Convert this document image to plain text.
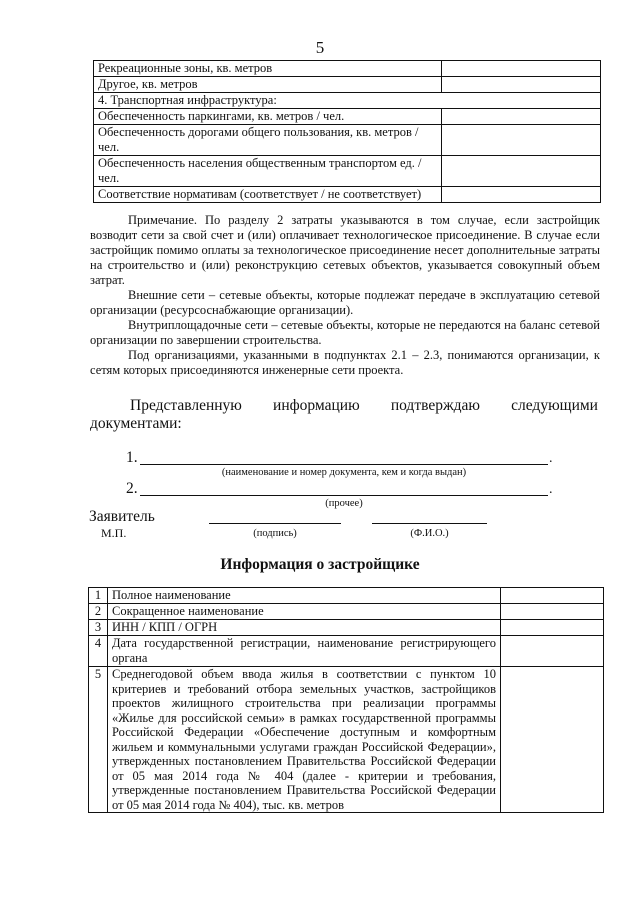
5
Рекреационные зоны, кв. метров	
Другое, кв. метров	
4. Транспортная инфраструктура:	
Обеспеченность паркингами, кв. метров / чел.	
Обеспеченность дорогами общего пользования, кв. метров / чел.	
Обеспеченность населения общественным транспортом ед. / чел.	
Соответствие нормативам (соответствует / не соответствует)	

Примечание. По разделу 2 затраты указываются в том случае, если застройщик возводит сети за свой счет и (или) оплачивает технологическое присоединение. В случае если застройщик помимо оплаты за технологическое присоединение несет дополнительные затраты на строительство и (или) реконструкцию сетевых объектов, указывается совокупный объем затрат.

Внешние сети – сетевые объекты, которые подлежат передаче в эксплуатацию сетевой организации (ресурсоснабжающие организации).

Внутриплощадочные сети – сетевые объекты, которые не передаются на баланс сетевой организации по завершении строительства.

Под организациями, указанными в подпунктах 2.1 – 2.3, понимаются организации, к сетям которых присоединяются инженерные сети проекта.

Представленную информацию подтверждаю следующими
документами:
1.	.
(наименование и номер документа, кем и когда выдан)
2.	.
(прочее)
Заявитель
М.П.	(подпись)	(Ф.И.О.)
Информация о застройщике
1	Полное наименование	
2	Сокращенное наименование	
3	ИНН / КПП / ОГРН	
4	Дата государственной регистрации, наименование регистрирующего органа	
5	Среднегодовой объем ввода жилья в соответствии с пунктом 10 критериев и требований отбора земельных участков, застройщиков проектов жилищного строительства при реализации программы «Жилье для российской семьи» в рамках государственной программы Российской Федерации «Обеспечение доступным и комфортным жильем и коммунальными услугами граждан Российской Федерации», утвержденных постановлением Правительства Российской Федерации от 05 мая 2014 года № 404 (далее - критерии и требования, утвержденные постановлением Правительства Российской Федерации от 05 мая 2014 года № 404), тыс. кв. метров	
